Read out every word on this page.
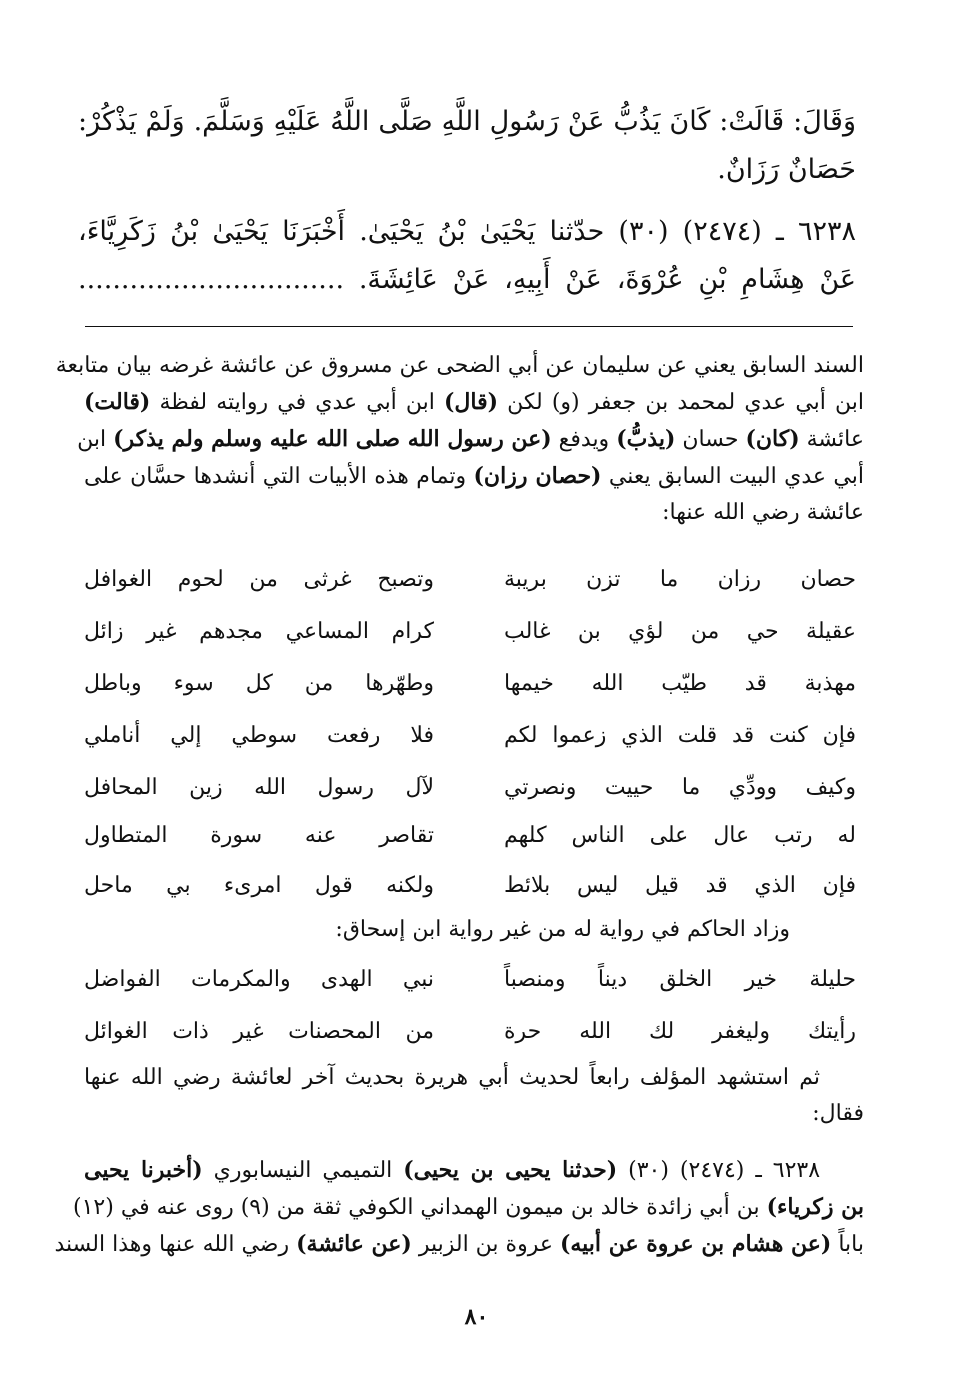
وَقَالَ: قَالَتْ: كَانَ يَذُبُّ عَنْ رَسُولِ اللَّهِ صَلَّى اللَّهُ عَلَيْهِ وَسَلَّمَ. وَلَمْ يَذْكُرْ:
حَصَانٌ رَزَانٌ.
٦٢٣٨ ـ (٢٤٧٤) (٣٠) حدّثنا يَحْيَىٰ بْنُ يَحْيَىٰ. أَخْبَرَنَا يَحْيَىٰ بْنُ زَكَرِيَّاءَ،
عَنْ هِشَامِ بْنِ عُرْوَةَ، عَنْ أَبِيهِ، عَنْ عَائِشَةَ. ...............................
السند السابق يعني عن سليمان عن أبي الضحى عن مسروق عن عائشة غرضه بيان متابعة
ابن أبي عدي لمحمد بن جعفر (و) لكن (قال) ابن أبي عدي في روايته لفظة (قالت)
عائشة (كان) حسان (يذبُّ) ويدفع (عن رسول الله صلى الله عليه وسلم ولم يذكر) ابن
أبي عدي البيت السابق يعني (حصان رزان) وتمام هذه الأبيات التي أنشدها حسَّان على
عائشة رضي الله عنها:
حصان رزان ما تزن بريبة
وتصبح غرثى من لحوم الغوافل
عقيلة حي من لؤي بن غالب
كرام المساعي مجدهم غير زائل
مهذبة قد طيّب الله خيمها
وطهّرها من كل سوء وباطل
فإن كنت قد قلت الذي زعموا لكم
فلا رفعت سوطي إلي أناملي
وكيف وودِّي ما حييت ونصرتي
لآل رسول الله زين المحافل
له رتب عال على الناس كلهم
تقاصر عنه سورة المتطاول
فإن الذي قد قيل ليس بلائط
ولكنه قول امرىء بي ماحل
وزاد الحاكم في رواية له من غير رواية ابن إسحاق:
حليلة خير الخلق ديناً ومنصباً
نبي الهدى والمكرمات الفواضل
رأيتك وليغفر لك الله حرة
من المحصنات غير ذات الغوائل
ثم استشهد المؤلف رابعاً لحديث أبي هريرة بحديث آخر لعائشة رضي الله عنها
فقال:
٦٢٣٨ ـ (٢٤٧٤) (٣٠) (حدثنا يحيى بن يحيى) التميمي النيسابوري (أخبرنا يحيى
بن زكرياء) بن أبي زائدة خالد بن ميمون الهمداني الكوفي ثقة من (٩) روى عنه في (١٢)
باباً (عن هشام بن عروة عن أبيه) عروة بن الزبير (عن عائشة) رضي الله عنها وهذا السند
٨٠
